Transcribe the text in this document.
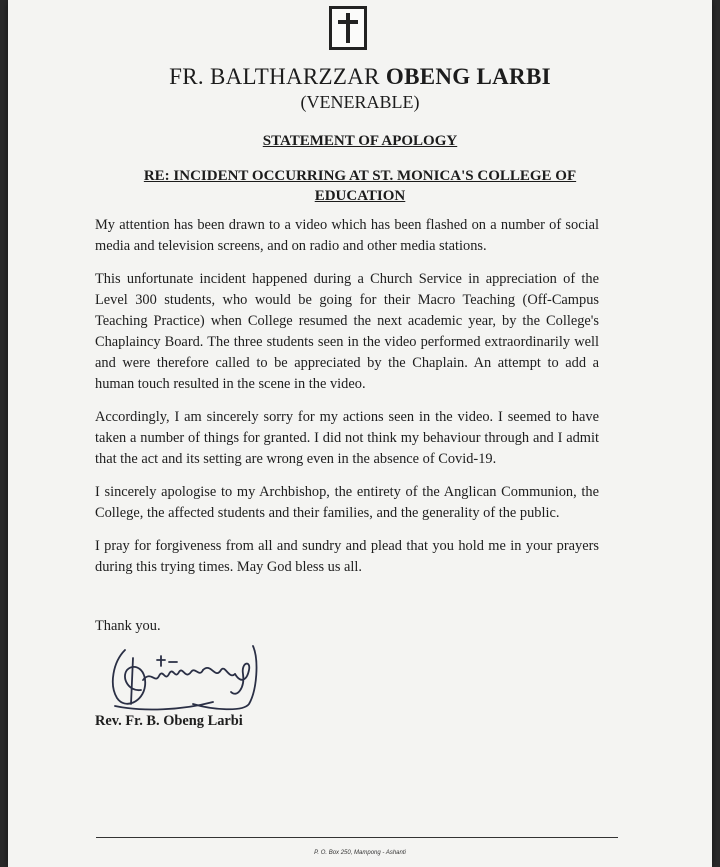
FR. BALTHARZZAR OBENG LARBI
(VENERABLE)
STATEMENT OF APOLOGY
RE: INCIDENT OCCURRING AT ST. MONICA'S COLLEGE OF
EDUCATION

My attention has been drawn to a video which has been flashed on a number of social media and television screens, and on radio and other media stations.

This unfortunate incident happened during a Church Service in appreciation of the Level 300 students, who would be going for their Macro Teaching (Off-Campus Teaching Practice) when College resumed the next academic year, by the College's Chaplaincy Board. The three students seen in the video performed extraordinarily well and were therefore called to be appreciated by the Chaplain. An attempt to add a human touch resulted in the scene in the video.

Accordingly, I am sincerely sorry for my actions seen in the video. I seemed to have taken a number of things for granted. I did not think my behaviour through and I admit that the act and its setting are wrong even in the absence of Covid-19.

I sincerely apologise to my Archbishop, the entirety of the Anglican Communion, the College, the affected students and their families, and the generality of the public.

I pray for forgiveness from all and sundry and plead that you hold me in your prayers during this trying times. May God bless us all.

Thank you.
Rev. Fr. B. Obeng Larbi
P. O. Box 250, Mampong - Ashanti
